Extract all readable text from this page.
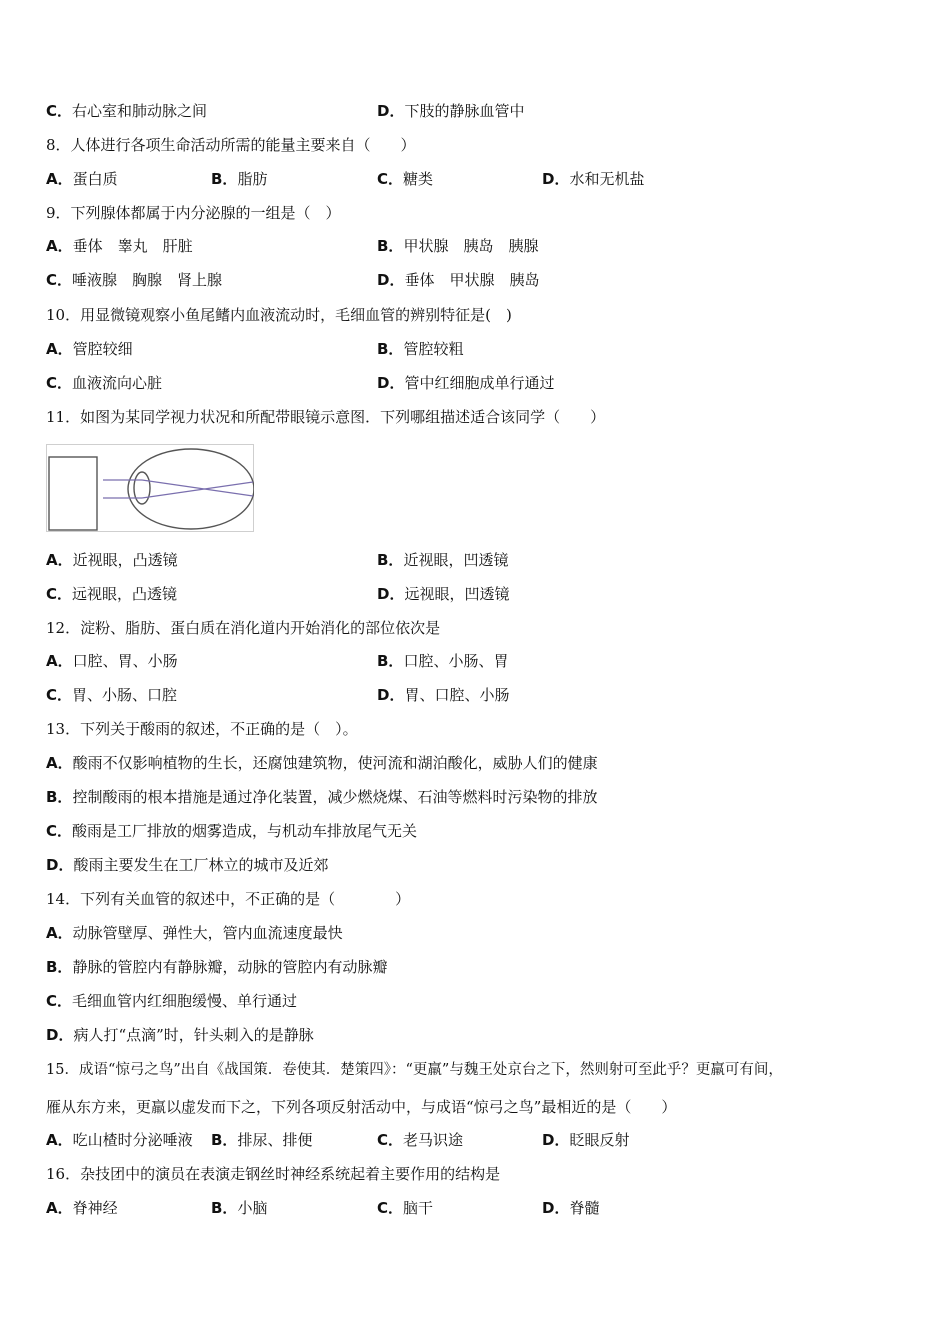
C．右心室和肺动脉之间	D．下肢的静脉血管中
8．人体进行各项生命活动所需的能量主要来自（　　）
A．蛋白质	B．脂肪	C．糖类	D．水和无机盐
9．下列腺体都属于内分泌腺的一组是（　）
A．垂体　睾丸　肝脏	B．甲状腺　胰岛　胰腺
C．唾液腺　胸腺　肾上腺	D．垂体　甲状腺　胰岛
10．用显微镜观察小鱼尾鳍内血液流动时，毛细血管的辨别特征是(　)
A．管腔较细	B．管腔较粗
C．血液流向心脏	D．管中红细胞成单行通过
11．如图为某同学视力状况和所配带眼镜示意图．下列哪组描述适合该同学（　　）
A．近视眼，凸透镜	B．近视眼，凹透镜
C．远视眼，凸透镜	D．远视眼，凹透镜
12．淀粉、脂肪、蛋白质在消化道内开始消化的部位依次是
A．口腔、胃、小肠	B．口腔、小肠、胃
C．胃、小肠、口腔	D．胃、口腔、小肠
13．下列关于酸雨的叙述，不正确的是（　）。
A．酸雨不仅影响植物的生长，还腐蚀建筑物，使河流和湖泊酸化，威胁人们的健康
B．控制酸雨的根本措施是通过净化装置，减少燃烧煤、石油等燃料时污染物的排放
C．酸雨是工厂排放的烟雾造成，与机动车排放尾气无关
D．酸雨主要发生在工厂林立的城市及近郊
14．下列有关血管的叙述中，不正确的是（　　　　）
A．动脉管壁厚、弹性大，管内血流速度最快
B．静脉的管腔内有静脉瓣，动脉的管腔内有动脉瓣
C．毛细血管内红细胞缓慢、单行通过
D．病人打“点滴”时，针头刺入的是静脉
15．成语“惊弓之鸟”出自《战国策．卷使其．楚策四》：“更羸”与魏王处京台之下，然则射可至此乎？更羸可有间，
雁从东方来，更羸以虚发而下之，下列各项反射活动中，与成语“惊弓之鸟”最相近的是（　　）
A．吃山楂时分泌唾液 B．排尿、排便	C．老马识途	D．眨眼反射
16．杂技团中的演员在表演走钢丝时神经系统起着主要作用的结构是
A．脊神经	B．小脑	C．脑干	D．脊髓
